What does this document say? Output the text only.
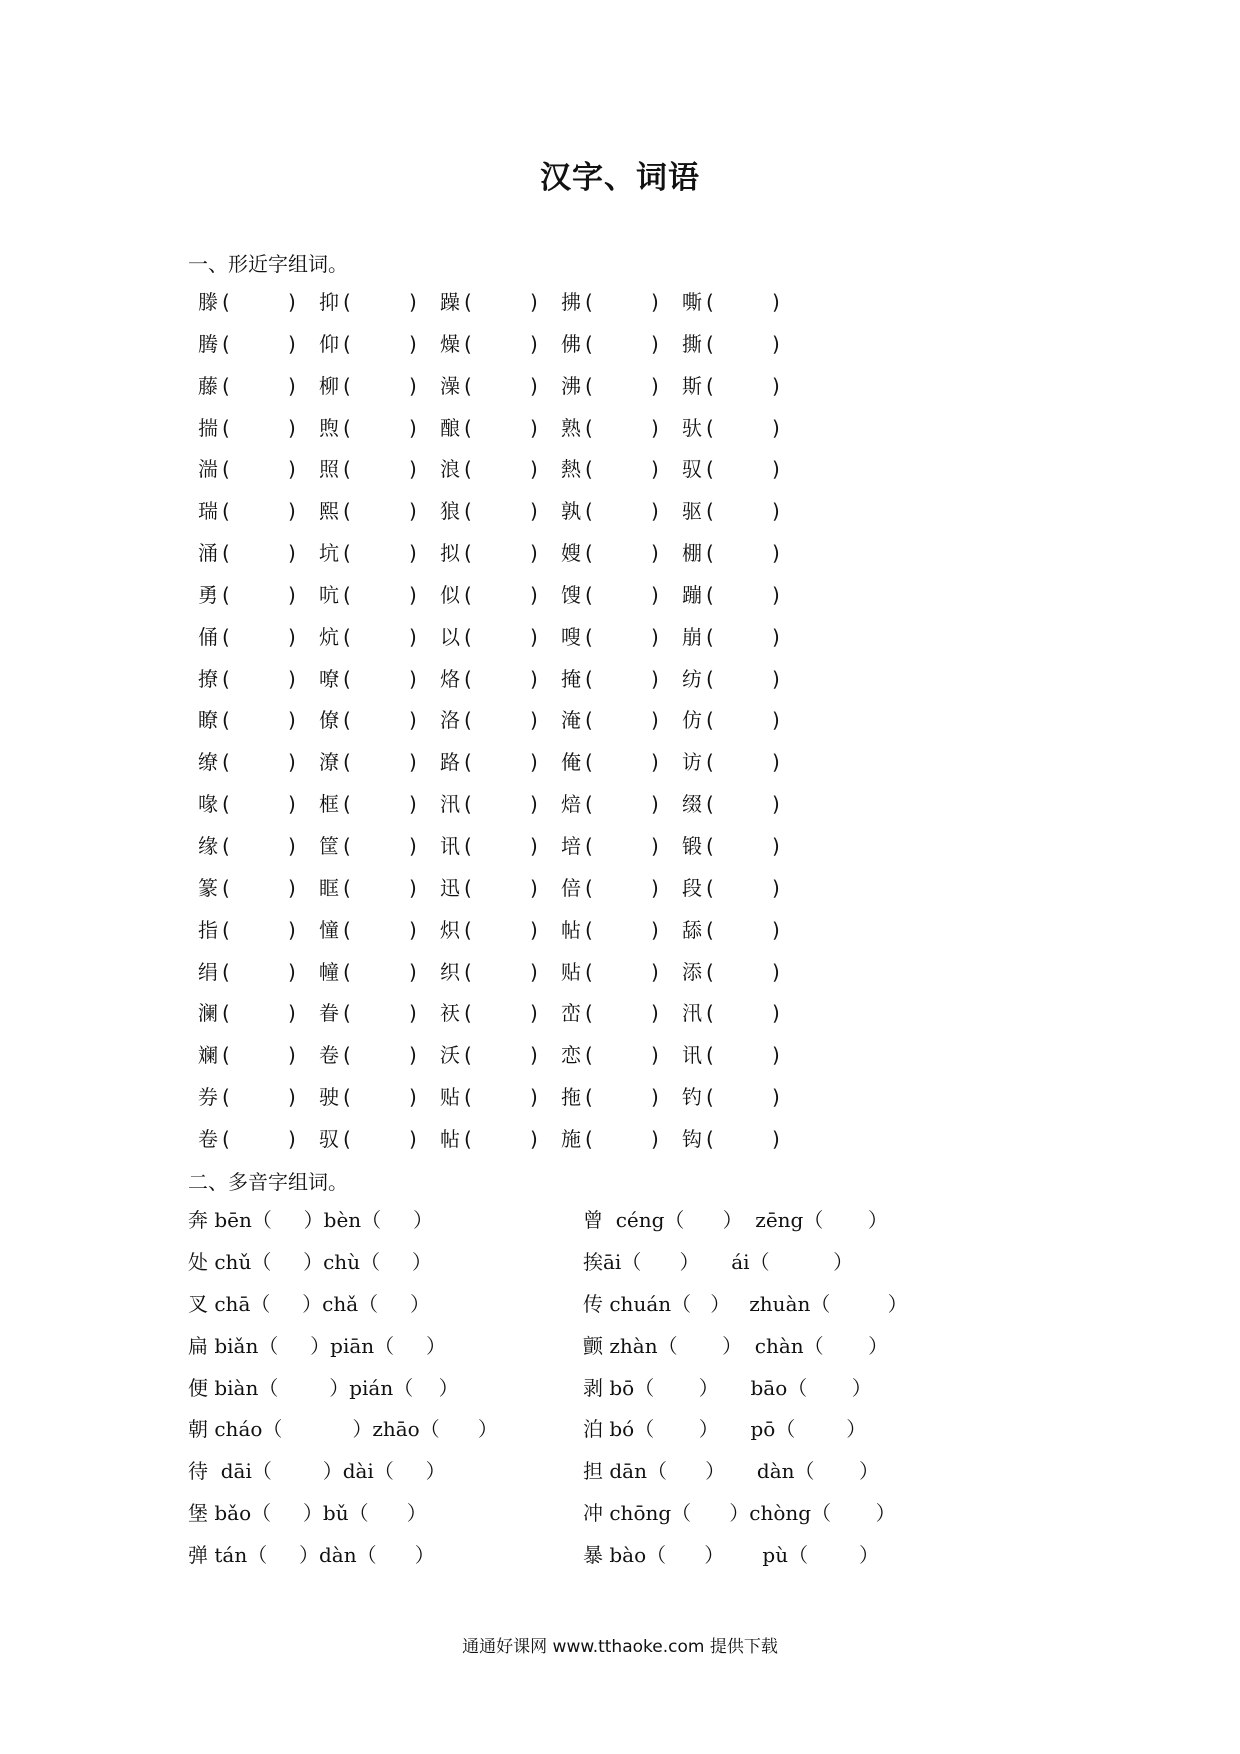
汉字、词语
一、形近字组词。
滕 (	) 抑 (	) 躁 (	) 拂 (	) 嘶 (	)
腾 (	) 仰 (	) 燥 (	) 佛 (	) 撕 (	)
藤 (	) 柳 (	) 澡 (	) 沸 (	) 斯 (	)
揣 (	) 煦 (	) 酿 (	) 熟 (	) 驮 (	)
湍 (	) 照 (	) 浪 (	) 熱 (	) 驭 (	)
瑞 (	) 熙 (	) 狼 (	) 孰 (	) 驱 (	)
涌 (	) 坑 (	) 拟 (	) 嫂 (	) 棚 (	)
勇 (	) 吭 (	) 似 (	) 馊 (	) 蹦 (	)
俑 (	) 炕 (	) 以 (	) 嗖 (	) 崩 (	)
撩 (	) 嘹 (	) 烙 (	) 掩 (	) 纺 (	)
瞭 (	) 僚 (	) 洛 (	) 淹 (	) 仿 (	)
缭 (	) 潦 (	) 路 (	) 俺 (	) 访 (	)
喙 (	) 框 (	) 汛 (	) 焙 (	) 缀 (	)
缘 (	) 筐 (	) 讯 (	) 培 (	) 锻 (	)
篆 (	) 眶 (	) 迅 (	) 倍 (	) 段 (	)
指 (	) 憧 (	) 炽 (	) 帖 (	) 舔 (	)
绢 (	) 幢 (	) 织 (	) 贴 (	) 添 (	)
澜 (	) 眷 (	) 祆 (	) 峦 (	) 汛 (	)
斓 (	) 卷 (	) 沃 (	) 恋 (	) 讯 (	)
券 (	) 驶 (	) 贴 (	) 拖 (	) 钓 (	)
卷 (	) 驭 (	) 帖 (	) 施 (	) 钩 (	)
二、多音字组词。
奔 bēn（     ）bèn（     ）	曾  céng（      ）  zēng（       ）
处 chǔ（     ）chù（     ）	挨āi（      ）     ái（          ）
叉 chā（     ）chǎ（     ）	传 chuán（   ）   zhuàn（         ）
扁 biǎn（     ）piān（     ）	颤 zhàn（       ）  chàn（       ）
便 biàn（        ）pián（    ）	剥 bō（       ）     bāo（       ）
朝 cháo（           ）zhāo（      ）	泊 bó（       ）     pō（        ）
待  dāi（        ）dài（     ）	担 dān（      ）     dàn（       ）
堡 bǎo（     ）bǔ（      ）	冲 chōng（      ）chòng（       ）
弹 tán（     ）dàn（      ）	暴 bào（      ）      pù（        ）
通通好课网 www.tthaoke.com 提供下载
